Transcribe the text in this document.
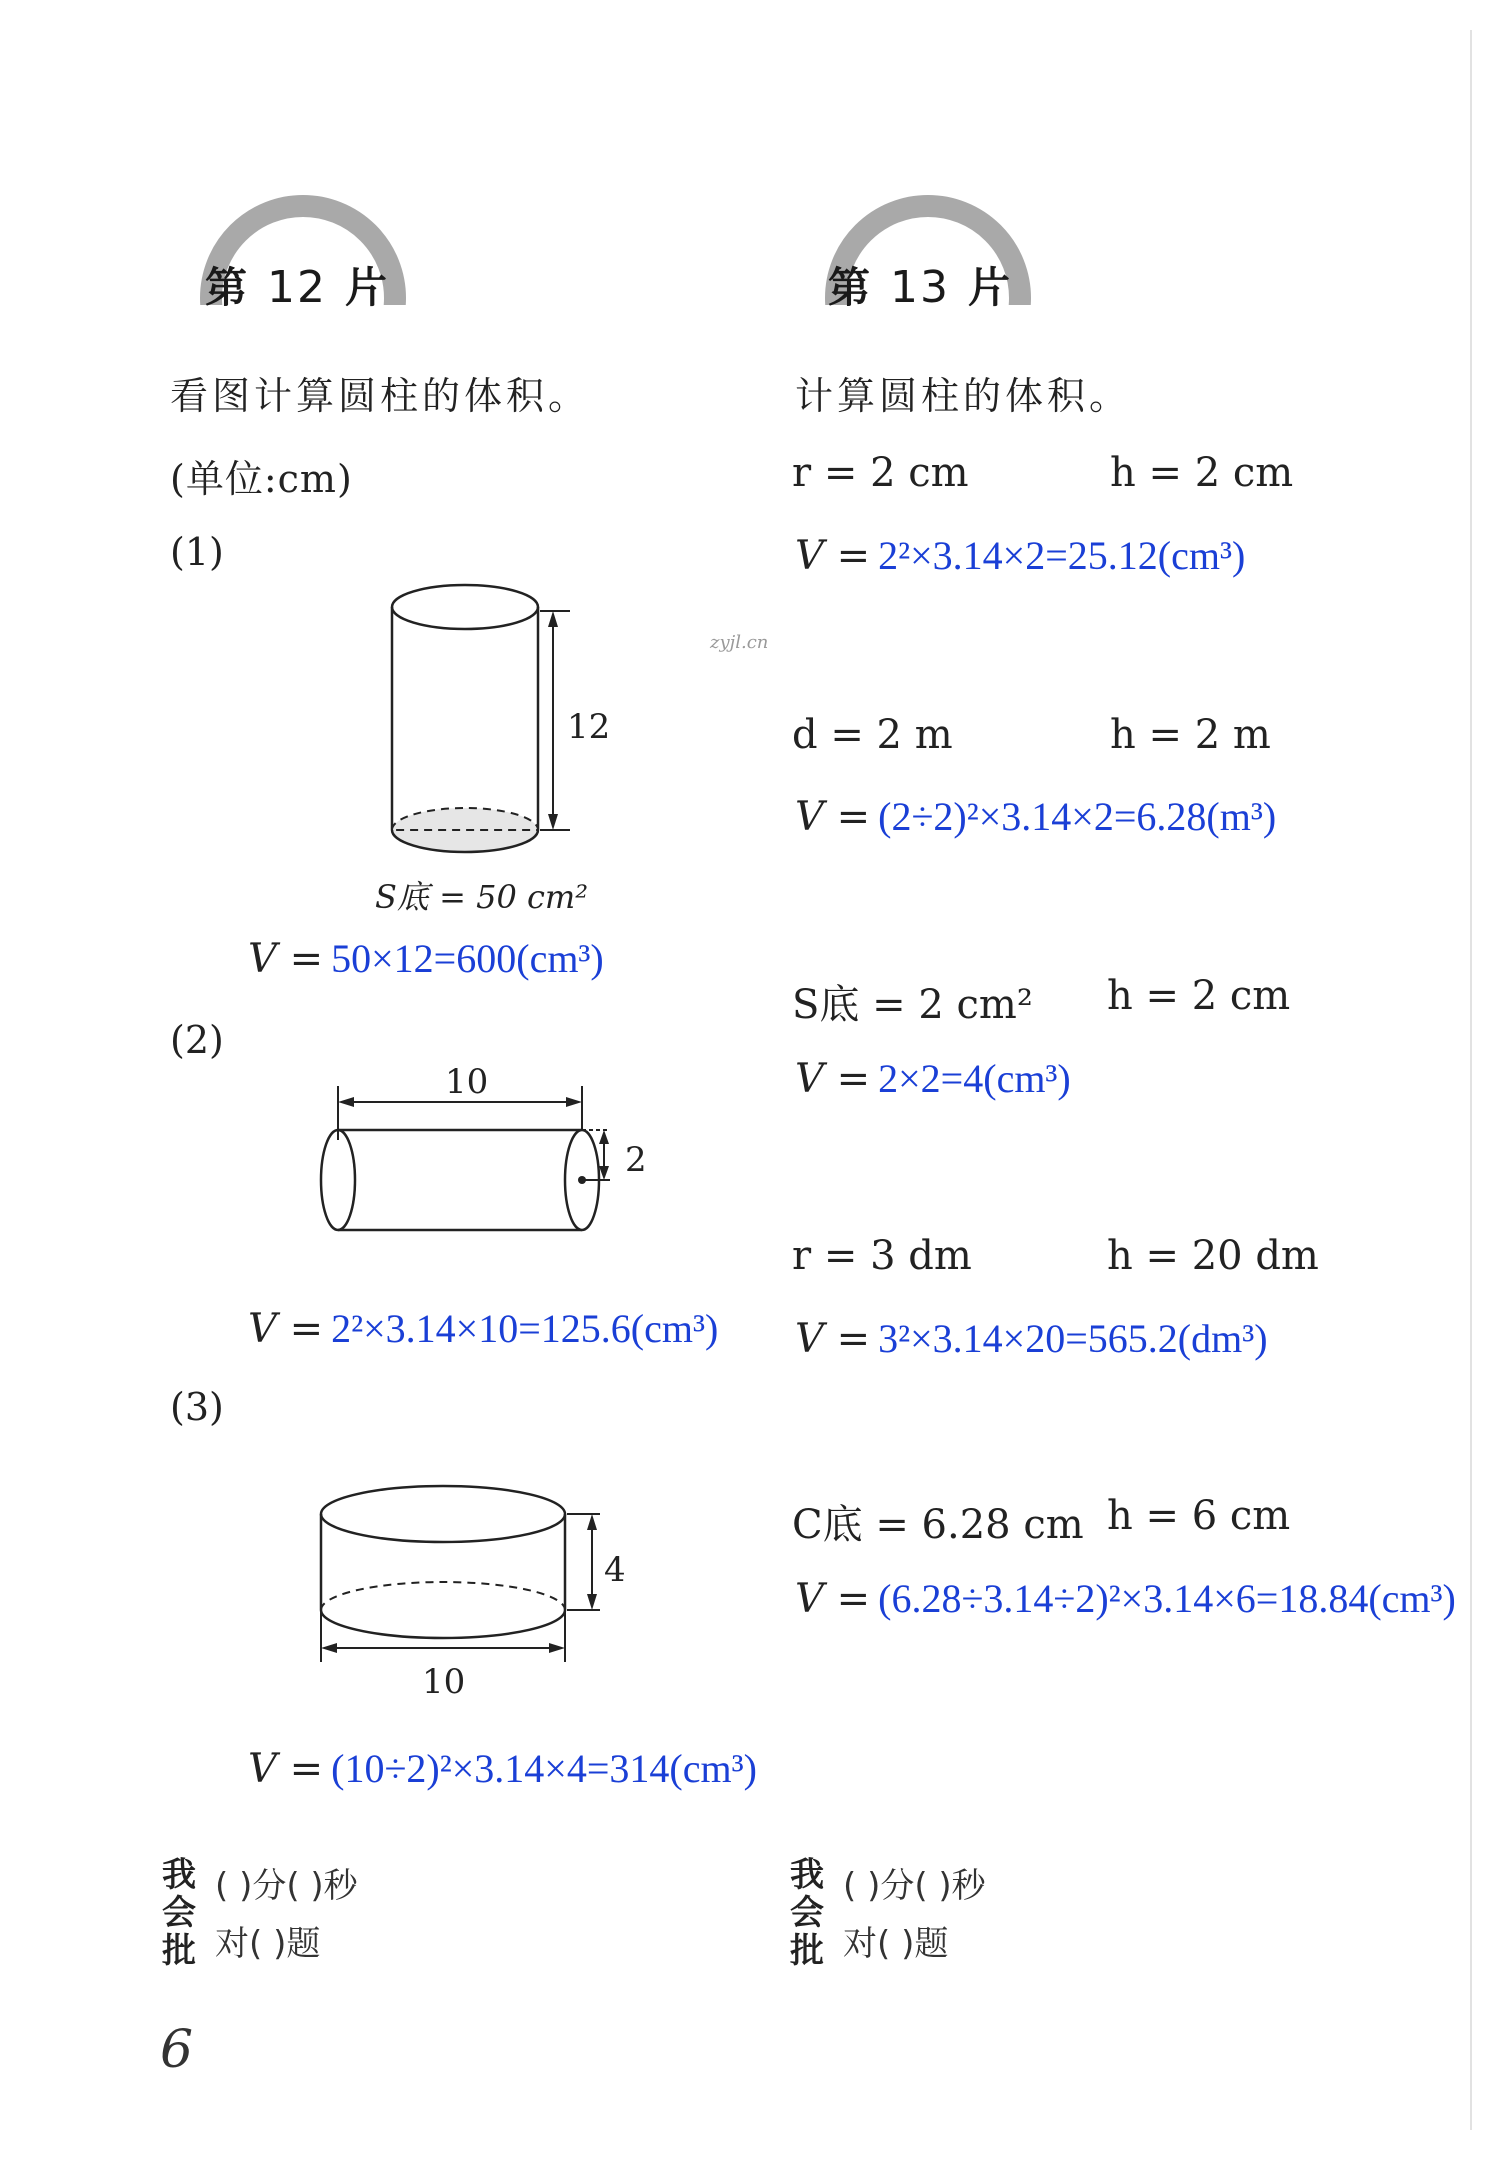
第 12 片	第 13 片
看图计算圆柱的体积。
(单位:cm)
(1)
12
S底 = 50 cm²
V = 50×12=600(cm³)
(2)
10
2
V = 2²×3.14×10=125.6(cm³)
(3)
4
10
V = (10÷2)²×3.14×4=314(cm³)
计算圆柱的体积。
r = 2 cm	h = 2 cm
V = 2²×3.14×2=25.12(cm³)
d = 2 m	h = 2 m
V = (2÷2)²×3.14×2=6.28(m³)
S底 = 2 cm² h = 2 cm
V = 2×2=4(cm³)
r = 3 dm	h = 20 dm
V = 3²×3.14×20=565.2(dm³)
C底 = 6.28 cm h = 6 cm
V = (6.28÷3.14÷2)²×3.14×6=18.84(cm³)
我
会
批
( )分( )秒
对( )题
我
会
批
( )分( )秒
对( )题
zyjl.cn
6
